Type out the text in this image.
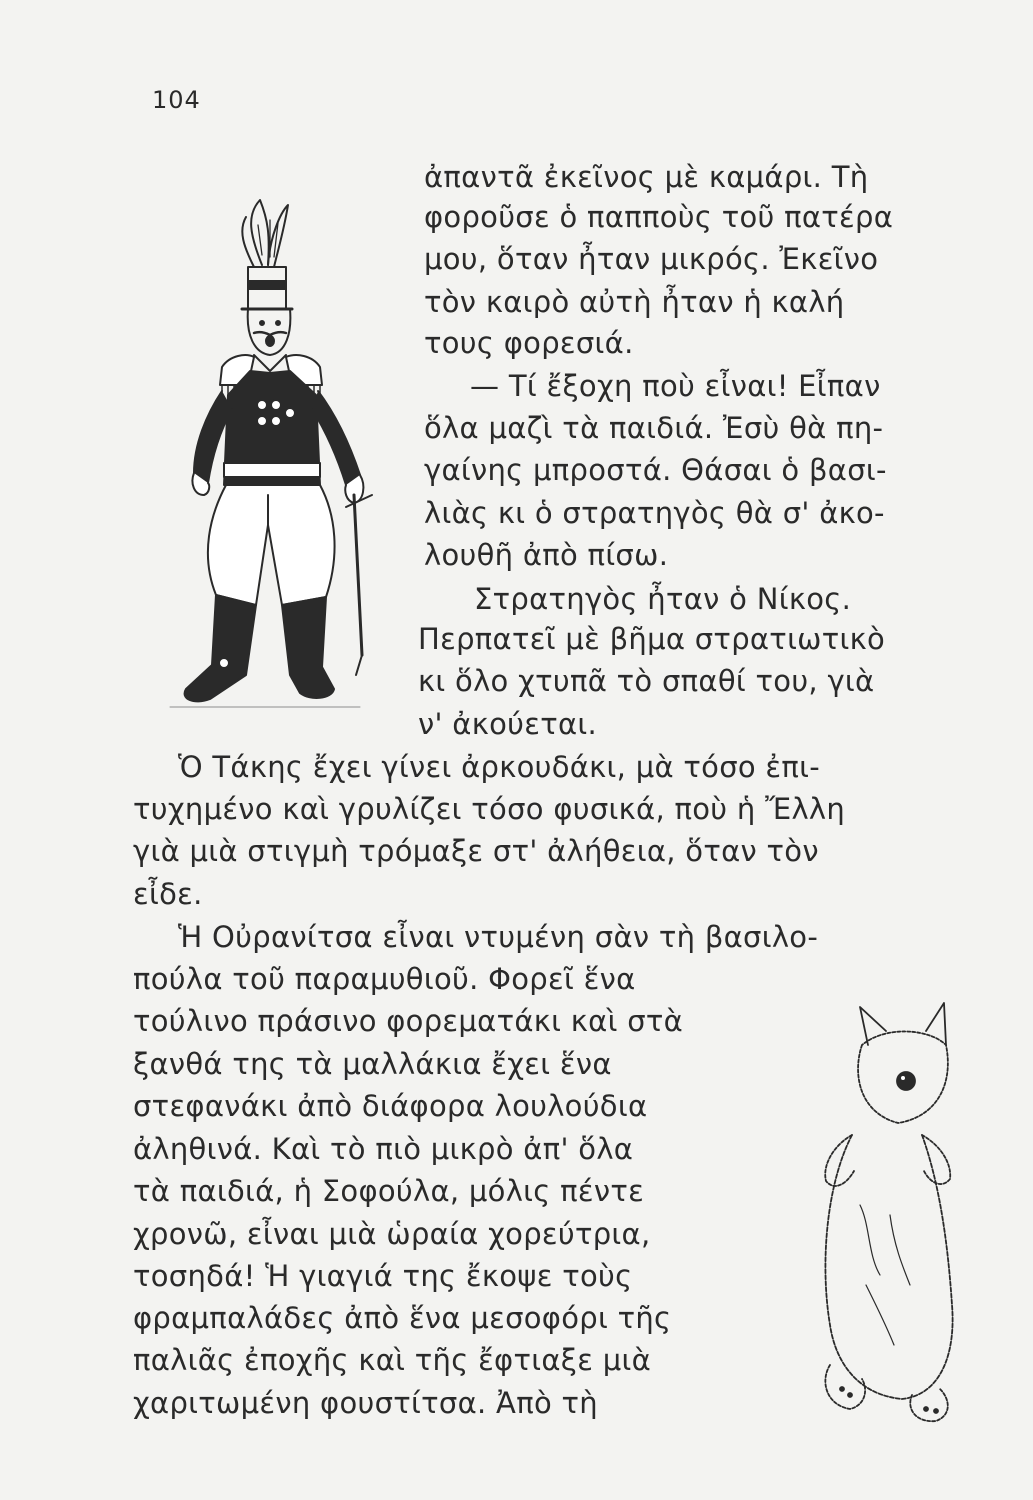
104
ἀπαντᾶ ἐκεῖνος μὲ καμάρι. Τὴ
φοροῦσε ὁ παπποὺς τοῦ πατέρα
μου, ὅταν ἦταν μικρός. Ἐκεῖνο
τὸν καιρὸ αὐτὴ ἦταν ἡ καλή
τους φορεσιά.
— Τί ἔξοχη ποὺ εἶναι! Εἶπαν
ὅλα μαζὶ τὰ παιδιά. Ἐσὺ θὰ πη-
γαίνης μπροστά. Θάσαι ὁ βασι-
λιὰς κι ὁ στρατηγὸς θὰ σ' ἀκο-
λουθῆ ἀπὸ πίσω.
Στρατηγὸς ἦταν ὁ Νίκος.
Περπατεῖ μὲ βῆμα στρατιωτικὸ
κι ὅλο χτυπᾶ τὸ σπαθί του, γιὰ
ν' ἀκούεται.
Ὁ Τάκης ἔχει γίνει ἀρκουδάκι, μὰ τόσο ἐπι-
τυχημένο καὶ γρυλίζει τόσο φυσικά, ποὺ ἡ Ἔλλη
γιὰ μιὰ στιγμὴ τρόμαξε στ' ἀλήθεια, ὅταν τὸν
εἶδε.
Ἡ Οὐρανίτσα εἶναι ντυμένη σὰν τὴ βασιλο-
πούλα τοῦ παραμυθιοῦ. Φορεῖ ἕνα
τούλινο πράσινο φορεματάκι καὶ στὰ
ξανθά της τὰ μαλλάκια ἔχει ἕνα
στεφανάκι ἀπὸ διάφορα λουλούδια
ἀληθινά. Καὶ τὸ πιὸ μικρὸ ἀπ' ὅλα
τὰ παιδιά, ἡ Σοφούλα, μόλις πέντε
χρονῶ, εἶναι μιὰ ὡραία χορεύτρια,
τοσηδά! Ἡ γιαγιά της ἔκοψε τοὺς
φραμπαλάδες ἀπὸ ἕνα μεσοφόρι τῆς
παλιᾶς ἐποχῆς καὶ τῆς ἔφτιαξε μιὰ
χαριτωμένη φουστίτσα. Ἀπὸ τὴ
